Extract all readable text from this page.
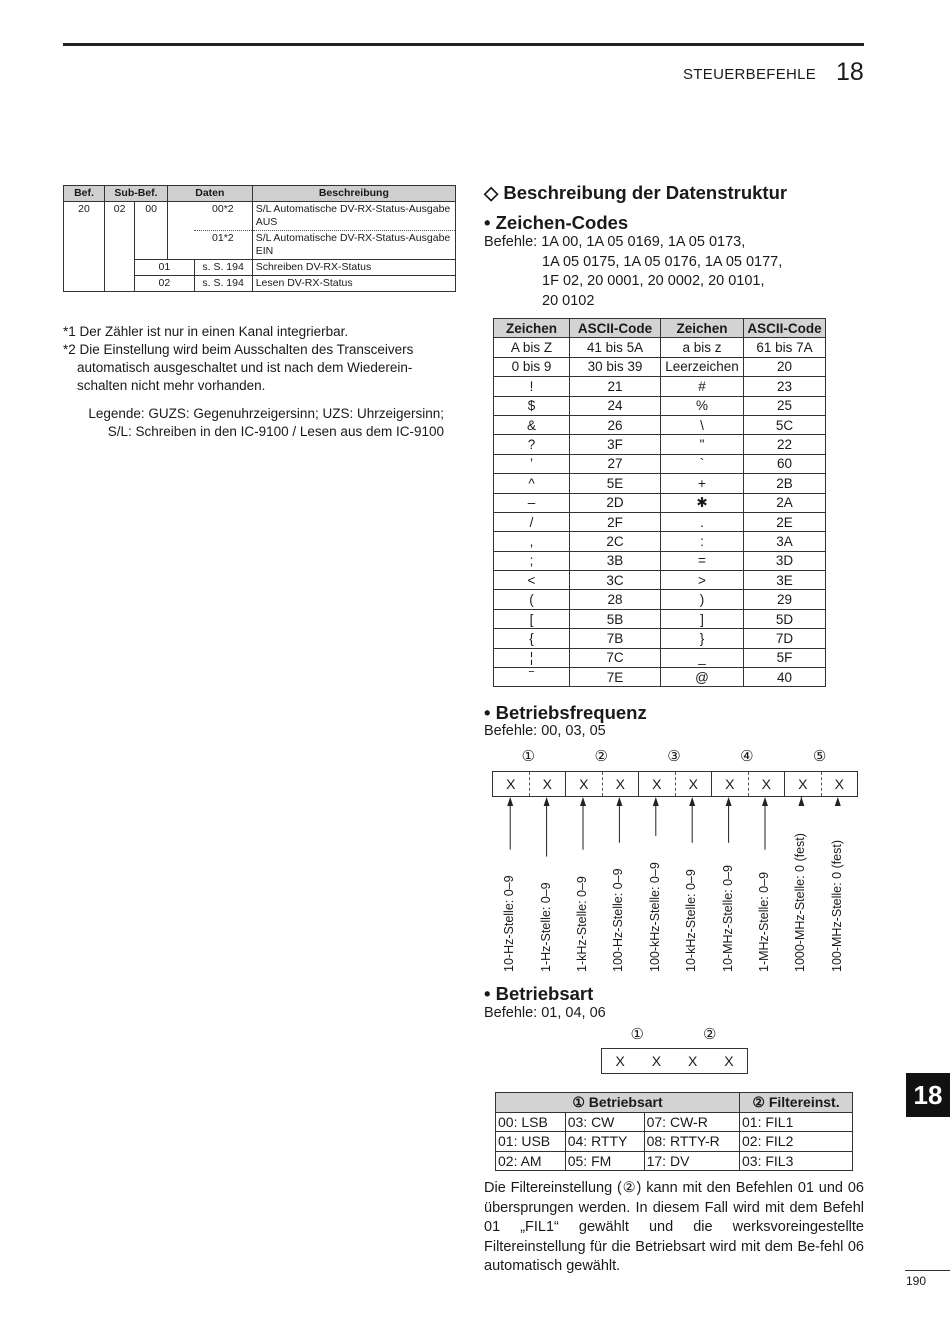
STEUERBEFEHLE 18
Bef.	Sub-Bef.		Daten		Beschreibung
20	02	00		00*2	S/L Automatische DV-RX-Status-Ausgabe AUS
				01*2	S/L Automatische DV-RX-Status-Ausgabe EIN
		01		s. S. 194	Schreiben DV-RX-Status
		02		s. S. 194	Lesen DV-RX-Status

*1 Der Zähler ist nur in einen Kanal integrierbar.

*2 Die Einstellung wird beim Ausschalten des Transceivers automatisch ausgeschaltet und ist nach dem Wiederein-schalten nicht mehr vorhanden.

Legende: GUZS: Gegenuhrzeigersinn; UZS: Uhrzeigersinn;
S/L: Schreiben in den IC-9100 / Lesen aus dem IC-9100
◇ Beschreibung der Datenstruktur
• Zeichen-Codes
Befehle: 1A 00, 1A 05 0169, 1A 05 0173,
1A 05 0175, 1A 05 0176, 1A 05 0177,
1F 02, 20 0001, 20 0002, 20 0101,
20 0102
Zeichen	ASCII-Code	Zeichen	ASCII-Code
A bis Z	41 bis 5A	a bis z	61 bis 7A
0 bis 9	30 bis 39	Leerzeichen	20
!	21	#	23
$	24	%	25
&	26	\	5C
?	3F	"	22
’	27	`	60
^	5E	+	2B
–	2D	✱	2A
/	2F	.	2E
,	2C	:	3A
;	3B	=	3D
<	3C	>	3E
(	28	)	29
[	5B	]	5D
{	7B	}	7D
¦	7C	_	5F
‾	7E	@	40
• Betriebsfrequenz
Befehle: 00, 03, 05
①	②	③	④	⑤
X	X	X	X	X	X	X	X	X	X
10-Hz-Stelle: 0–9 1-Hz-Stelle: 0–9 1-kHz-Stelle: 0–9 100-Hz-Stelle: 0–9 100-kHz-Stelle: 0–9 10-kHz-Stelle: 0–9 10-MHz-Stelle: 0–9 1-MHz-Stelle: 0–9 1000-MHz-Stelle: 0 (fest) 100-MHz-Stelle: 0 (fest)
• Betriebsart
Befehle: 01, 04, 06
①	②
X	X	X	X
① Betriebsart			② Filtereinst.
00: LSB	03: CW	07: CW-R	01: FIL1
01: USB	04: RTTY	08: RTTY-R	02: FIL2
02: AM	05: FM	17: DV	03: FIL3
Die Filtereinstellung (②) kann mit den Befehlen 01 und 06 übersprungen werden. In diesem Fall wird mit dem Befehl 01 „FIL1“ gewählt und die werksvoreingestellte Filtereinstellung für die Betriebsart wird mit dem Be-fehl 06 automatisch gewählt.
18
190
